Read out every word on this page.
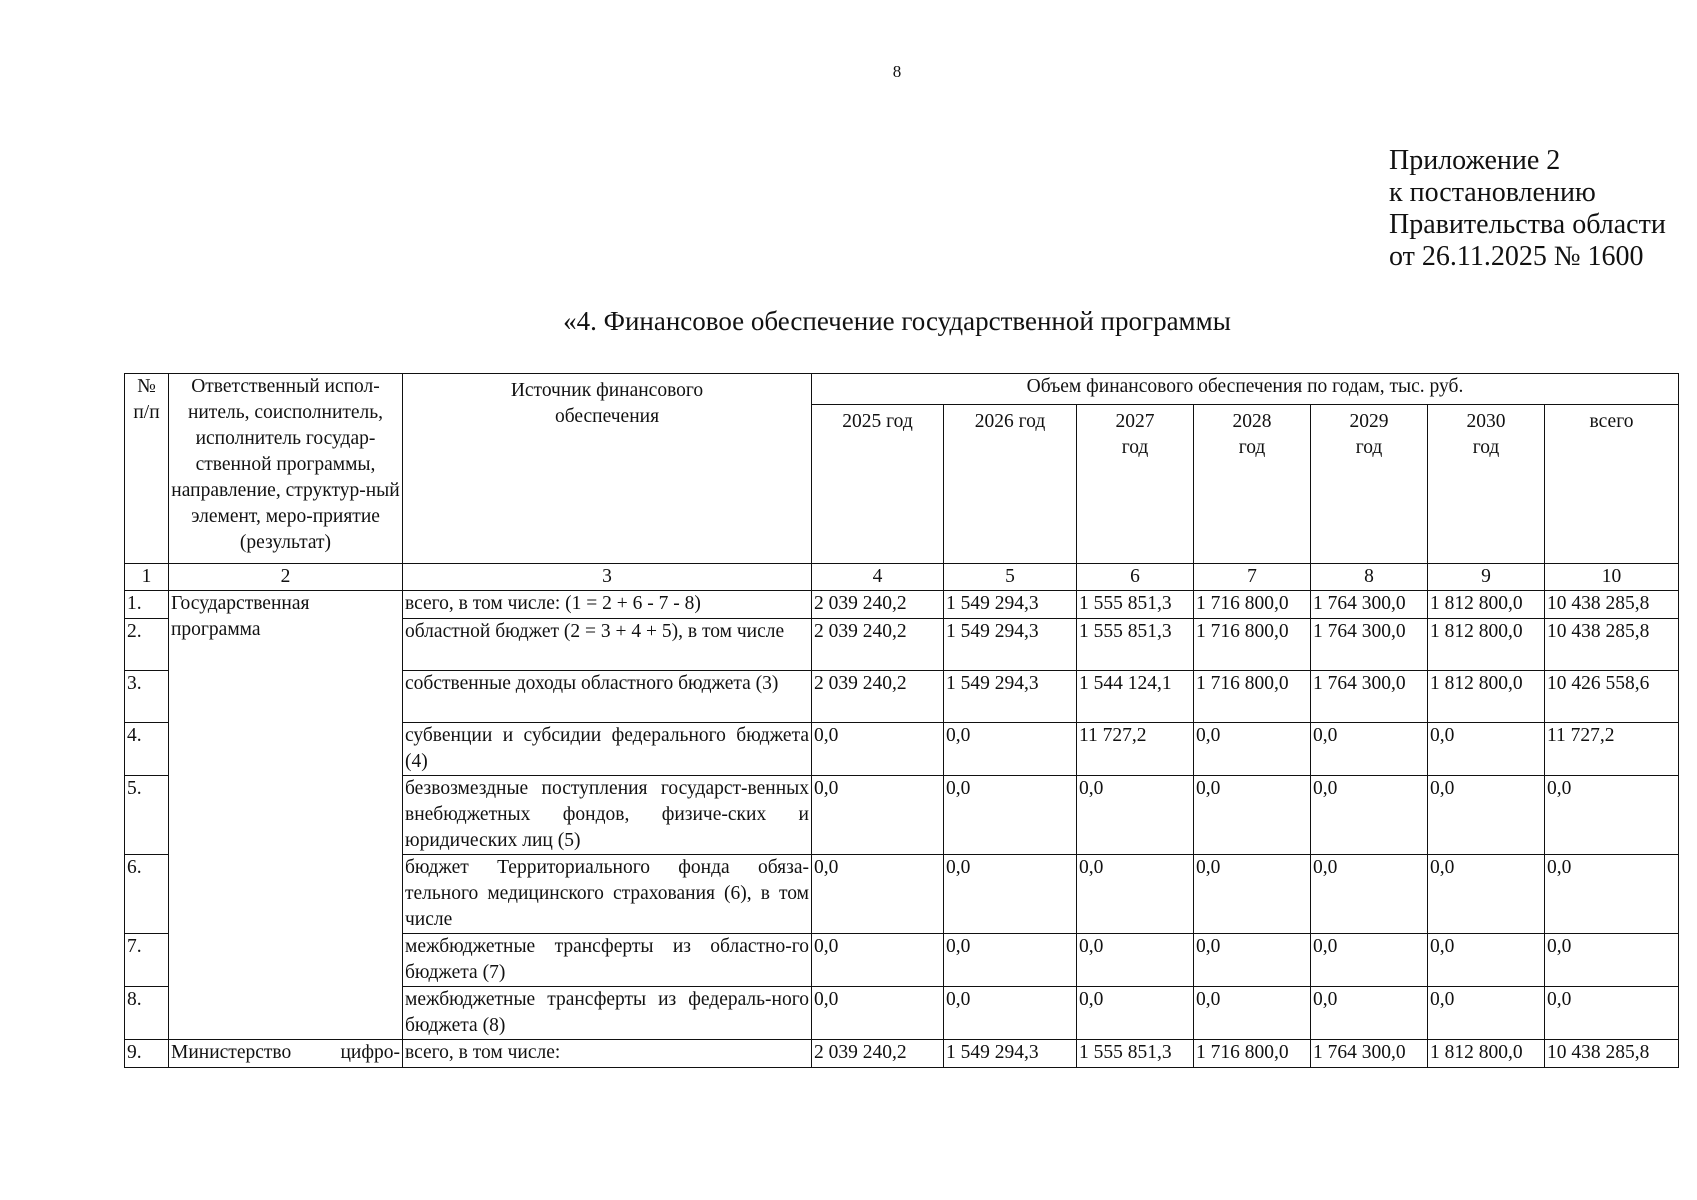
8
Приложение 2
к постановлению
Правительства области
от 26.11.2025 № 1600
«4. Финансовое обеспечение государственной программы
№ п/п	Ответственный испол-нитель, соисполнитель, исполнитель государ-ственной программы, направление, структур-ный элемент, меро-приятие (результат)	Источник финансового обеспечения	Объем финансового обеспечения по годам, тыс. руб.						
			2025 год	2026 год	2027 год	2028 год	2029 год	2030 год	всего
1	2	3	4	5	6	7	8	9	10
1.	Государственная программа	всего, в том числе: (1 = 2 + 6 - 7 - 8)	2 039 240,2	1 549 294,3	1 555 851,3	1 716 800,0	1 764 300,0	1 812 800,0	10 438 285,8
2.		областной бюджет (2 = 3 + 4 + 5), в том числе	2 039 240,2	1 549 294,3	1 555 851,3	1 716 800,0	1 764 300,0	1 812 800,0	10 438 285,8
3.		собственные доходы областного бюджета (3)	2 039 240,2	1 549 294,3	1 544 124,1	1 716 800,0	1 764 300,0	1 812 800,0	10 426 558,6
4.		субвенции и субсидии федерального бюджета (4)	0,0	0,0	11 727,2	0,0	0,0	0,0	11 727,2
5.		безвозмездные поступления государст-венных внебюджетных фондов, физиче-ских и юридических лиц (5)	0,0	0,0	0,0	0,0	0,0	0,0	0,0
6.		бюджет Территориального фонда обяза-тельного медицинского страхования (6), в том числе	0,0	0,0	0,0	0,0	0,0	0,0	0,0
7.		межбюджетные трансферты из областно-го бюджета (7)	0,0	0,0	0,0	0,0	0,0	0,0	0,0
8.		межбюджетные трансферты из федераль-ного бюджета (8)	0,0	0,0	0,0	0,0	0,0	0,0	0,0
9.	Министерство цифро-	всего, в том числе:	2 039 240,2	1 549 294,3	1 555 851,3	1 716 800,0	1 764 300,0	1 812 800,0	10 438 285,8
